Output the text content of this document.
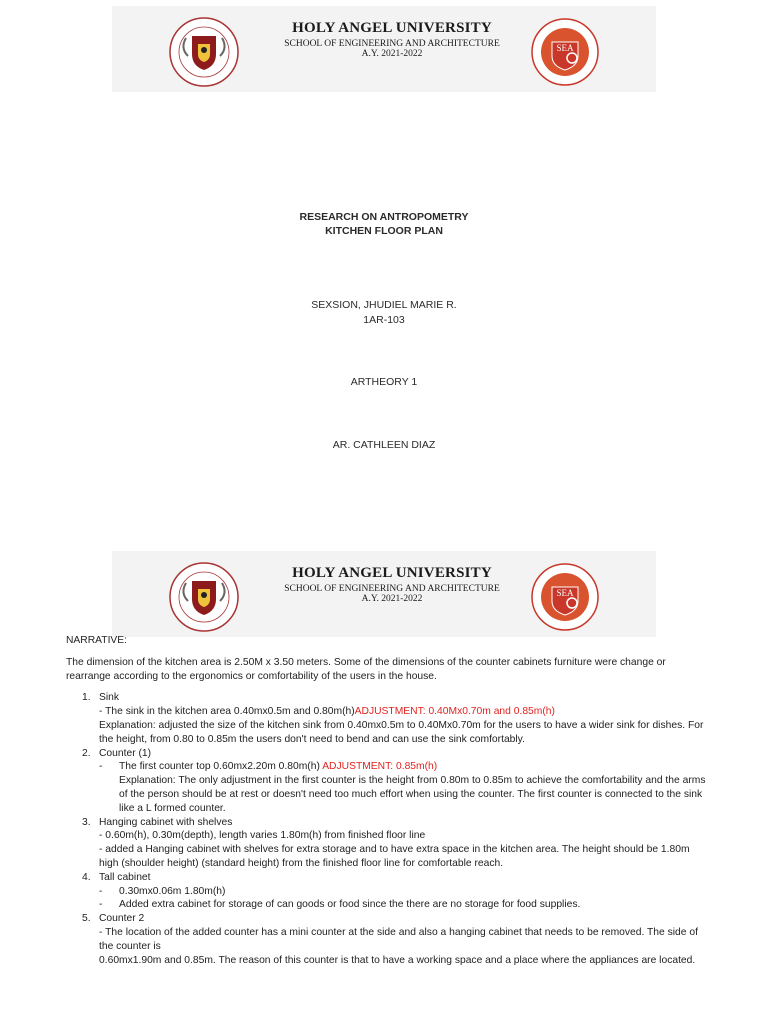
HOLY ANGEL UNIVERSITY
SCHOOL OF ENGINEERING AND ARCHITECTURE
A.Y. 2021-2022
SEA
RESEARCH ON ANTROPOMETRY
KITCHEN FLOOR PLAN
SEXSION, JHUDIEL MARIE R.
1AR-103
ARTHEORY 1
AR. CATHLEEN DIAZ
HOLY ANGEL UNIVERSITY
SCHOOL OF ENGINEERING AND ARCHITECTURE
A.Y. 2021-2022
SEA
NARRATIVE:
The dimension of the kitchen area is 2.50M x 3.50 meters. Some of the dimensions of the counter cabinets furniture were change or rearrange according to the ergonomics or comfortability of the users in the house.
1. Sink
- The sink in the kitchen area 0.40mx0.5m and 0.80m(h)ADJUSTMENT: 0.40Mx0.70m and 0.85m(h)
Explanation: adjusted the size of the kitchen sink from 0.40mx0.5m to 0.40Mx0.70m for the users to have a wider sink for dishes. For the height, from 0.80 to 0.85m the users don't need to bend and can use the sink comfortably.
2. Counter (1)
- The first counter top 0.60mx2.20m 0.80m(h) ADJUSTMENT: 0.85m(h)
Explanation: The only adjustment in the first counter is the height from 0.80m to 0.85m to achieve the comfortability and the arms of the person should be at rest or doesn't need too much effort when using the counter. The first counter is connected to the sink like a L formed counter.
3. Hanging cabinet with shelves
- 0.60m(h), 0.30m(depth), length varies 1.80m(h) from finished floor line
- added a Hanging cabinet with shelves for extra storage and to have extra space in the kitchen area. The height should be 1.80m high (shoulder height) (standard height) from the finished floor line for comfortable reach.
4. Tall cabinet
- 0.30mx0.06m 1.80m(h)
- Added extra cabinet for storage of can goods or food since the there are no storage for food supplies.
5. Counter 2
- The location of the added counter has a mini counter at the side and also a hanging cabinet that needs to be removed. The side of the counter is
0.60mx1.90m and 0.85m. The reason of this counter is that to have a working space and a place where the appliances are located.
